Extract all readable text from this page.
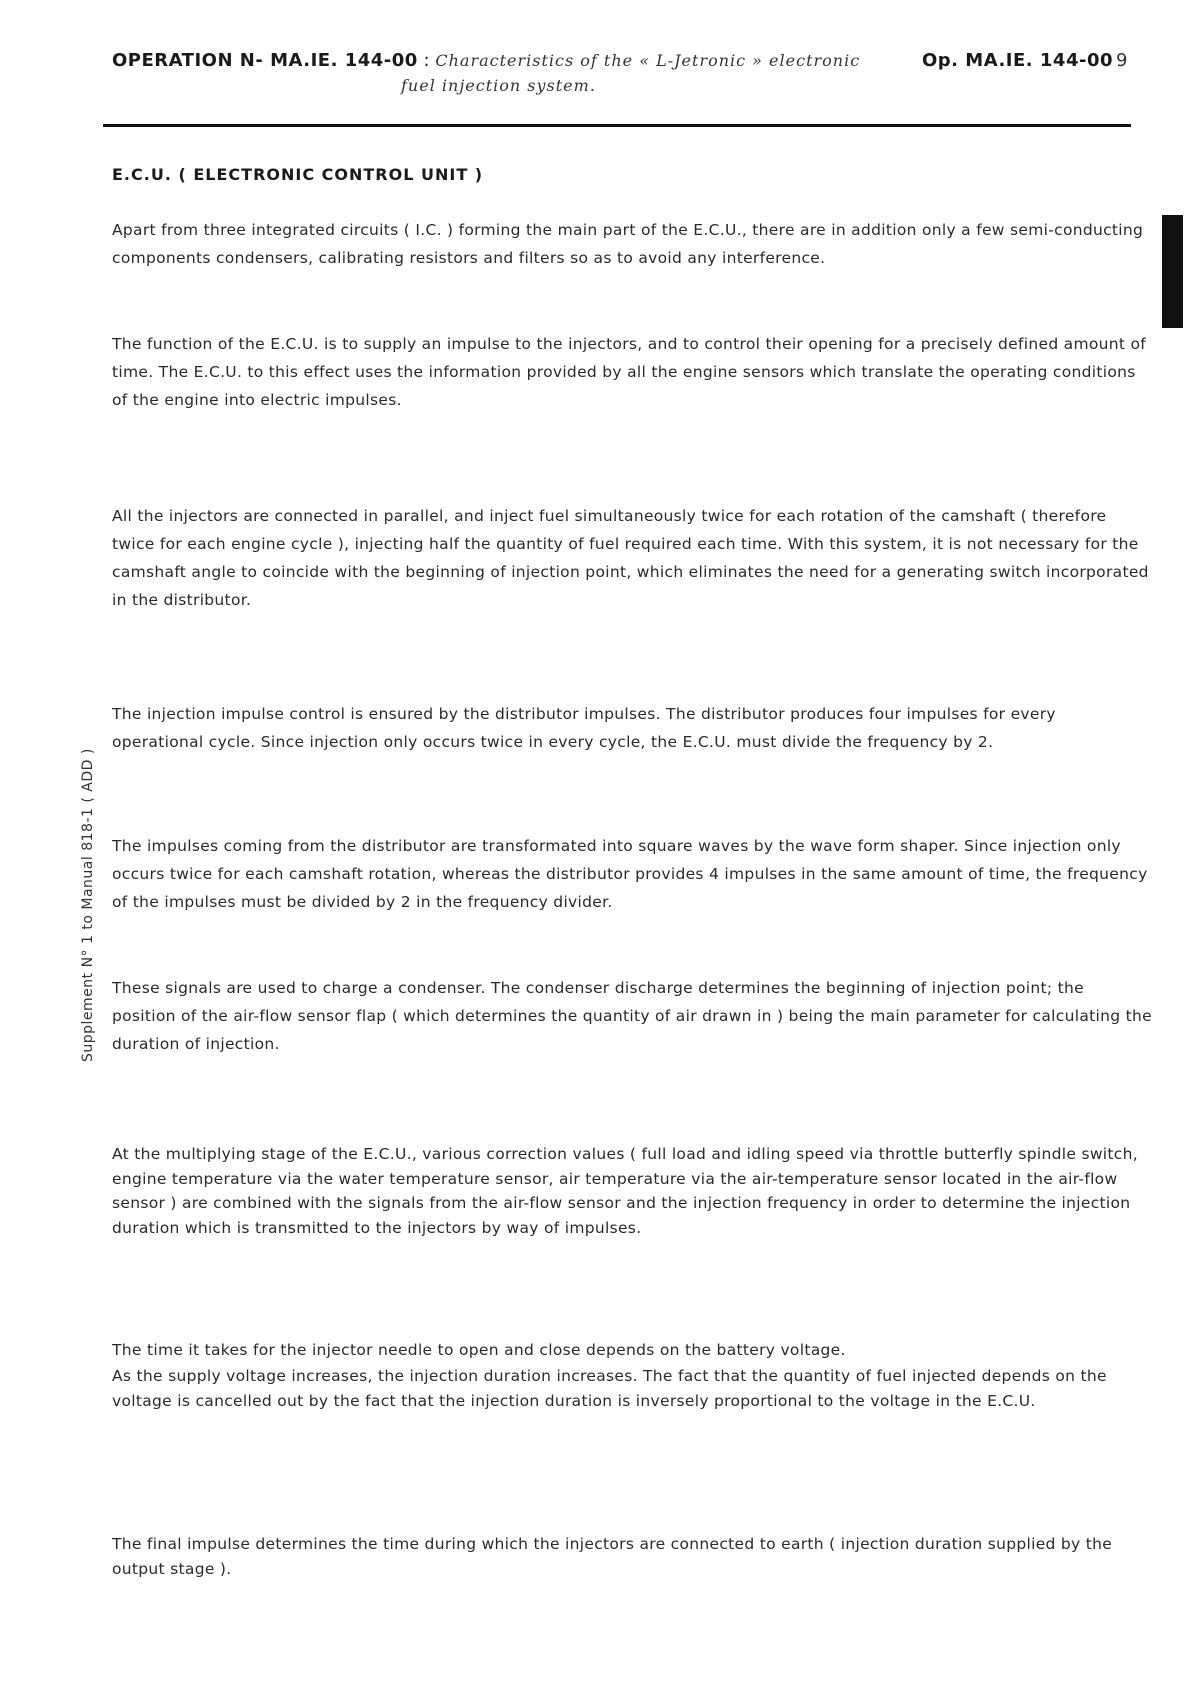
OPERATION N- MA.IE. 144-00 : Characteristics of the « L-Jetronic » electronic
fuel injection system.
Op. MA.IE. 144-00 9
E.C.U. ( ELECTRONIC CONTROL UNIT )
Apart from three integrated circuits ( I.C. ) forming the main part of the E.C.U., there are in addition only a few semi-conducting components condensers, calibrating resistors and filters so as to avoid any interference.
The function of the E.C.U. is to supply an impulse to the injectors, and to control their opening for a precisely defined amount of time. The E.C.U. to this effect uses the information provided by all the engine sensors which translate the operating conditions of the engine into electric impulses.
All the injectors are connected in parallel, and inject fuel simultaneously twice for each rotation of the camshaft ( therefore twice for each engine cycle ), injecting half the quantity of fuel required each time. With this system, it is not necessary for the camshaft angle to coincide with the beginning of injection point, which eliminates the need for a generating switch incorporated in the distributor.
The injection impulse control is ensured by the distributor impulses. The distributor produces four impulses for every operational cycle. Since injection only occurs twice in every cycle, the E.C.U. must divide the frequency by 2.
The impulses coming from the distributor are transformated into square waves by the wave form shaper. Since injection only occurs twice for each camshaft rotation, whereas the distributor provides 4 impulses in the same amount of time, the frequency of the impulses must be divided by 2 in the frequency divider.
These signals are used to charge a condenser. The condenser discharge determines the beginning of injection point; the position of the air-flow sensor flap ( which determines the quantity of air drawn in ) being the main parameter for calculating the duration of injection.
At the multiplying stage of the E.C.U., various correction values ( full load and idling speed via throttle butterfly spindle switch, engine temperature via the water temperature sensor, air temperature via the air-temperature sensor located in the air-flow sensor ) are combined with the signals from the air-flow sensor and the injection frequency in order to determine the injection duration which is transmitted to the injectors by way of impulses.
The time it takes for the injector needle to open and close depends on the battery voltage.
As the supply voltage increases, the injection duration increases. The fact that the quantity of fuel injected depends on the voltage is cancelled out by the fact that the injection duration is inversely proportional to the voltage in the E.C.U.
The final impulse determines the time during which the injectors are connected to earth ( injection duration supplied by the output stage ).
Supplement N° 1 to Manual 818-1 ( ADD )
